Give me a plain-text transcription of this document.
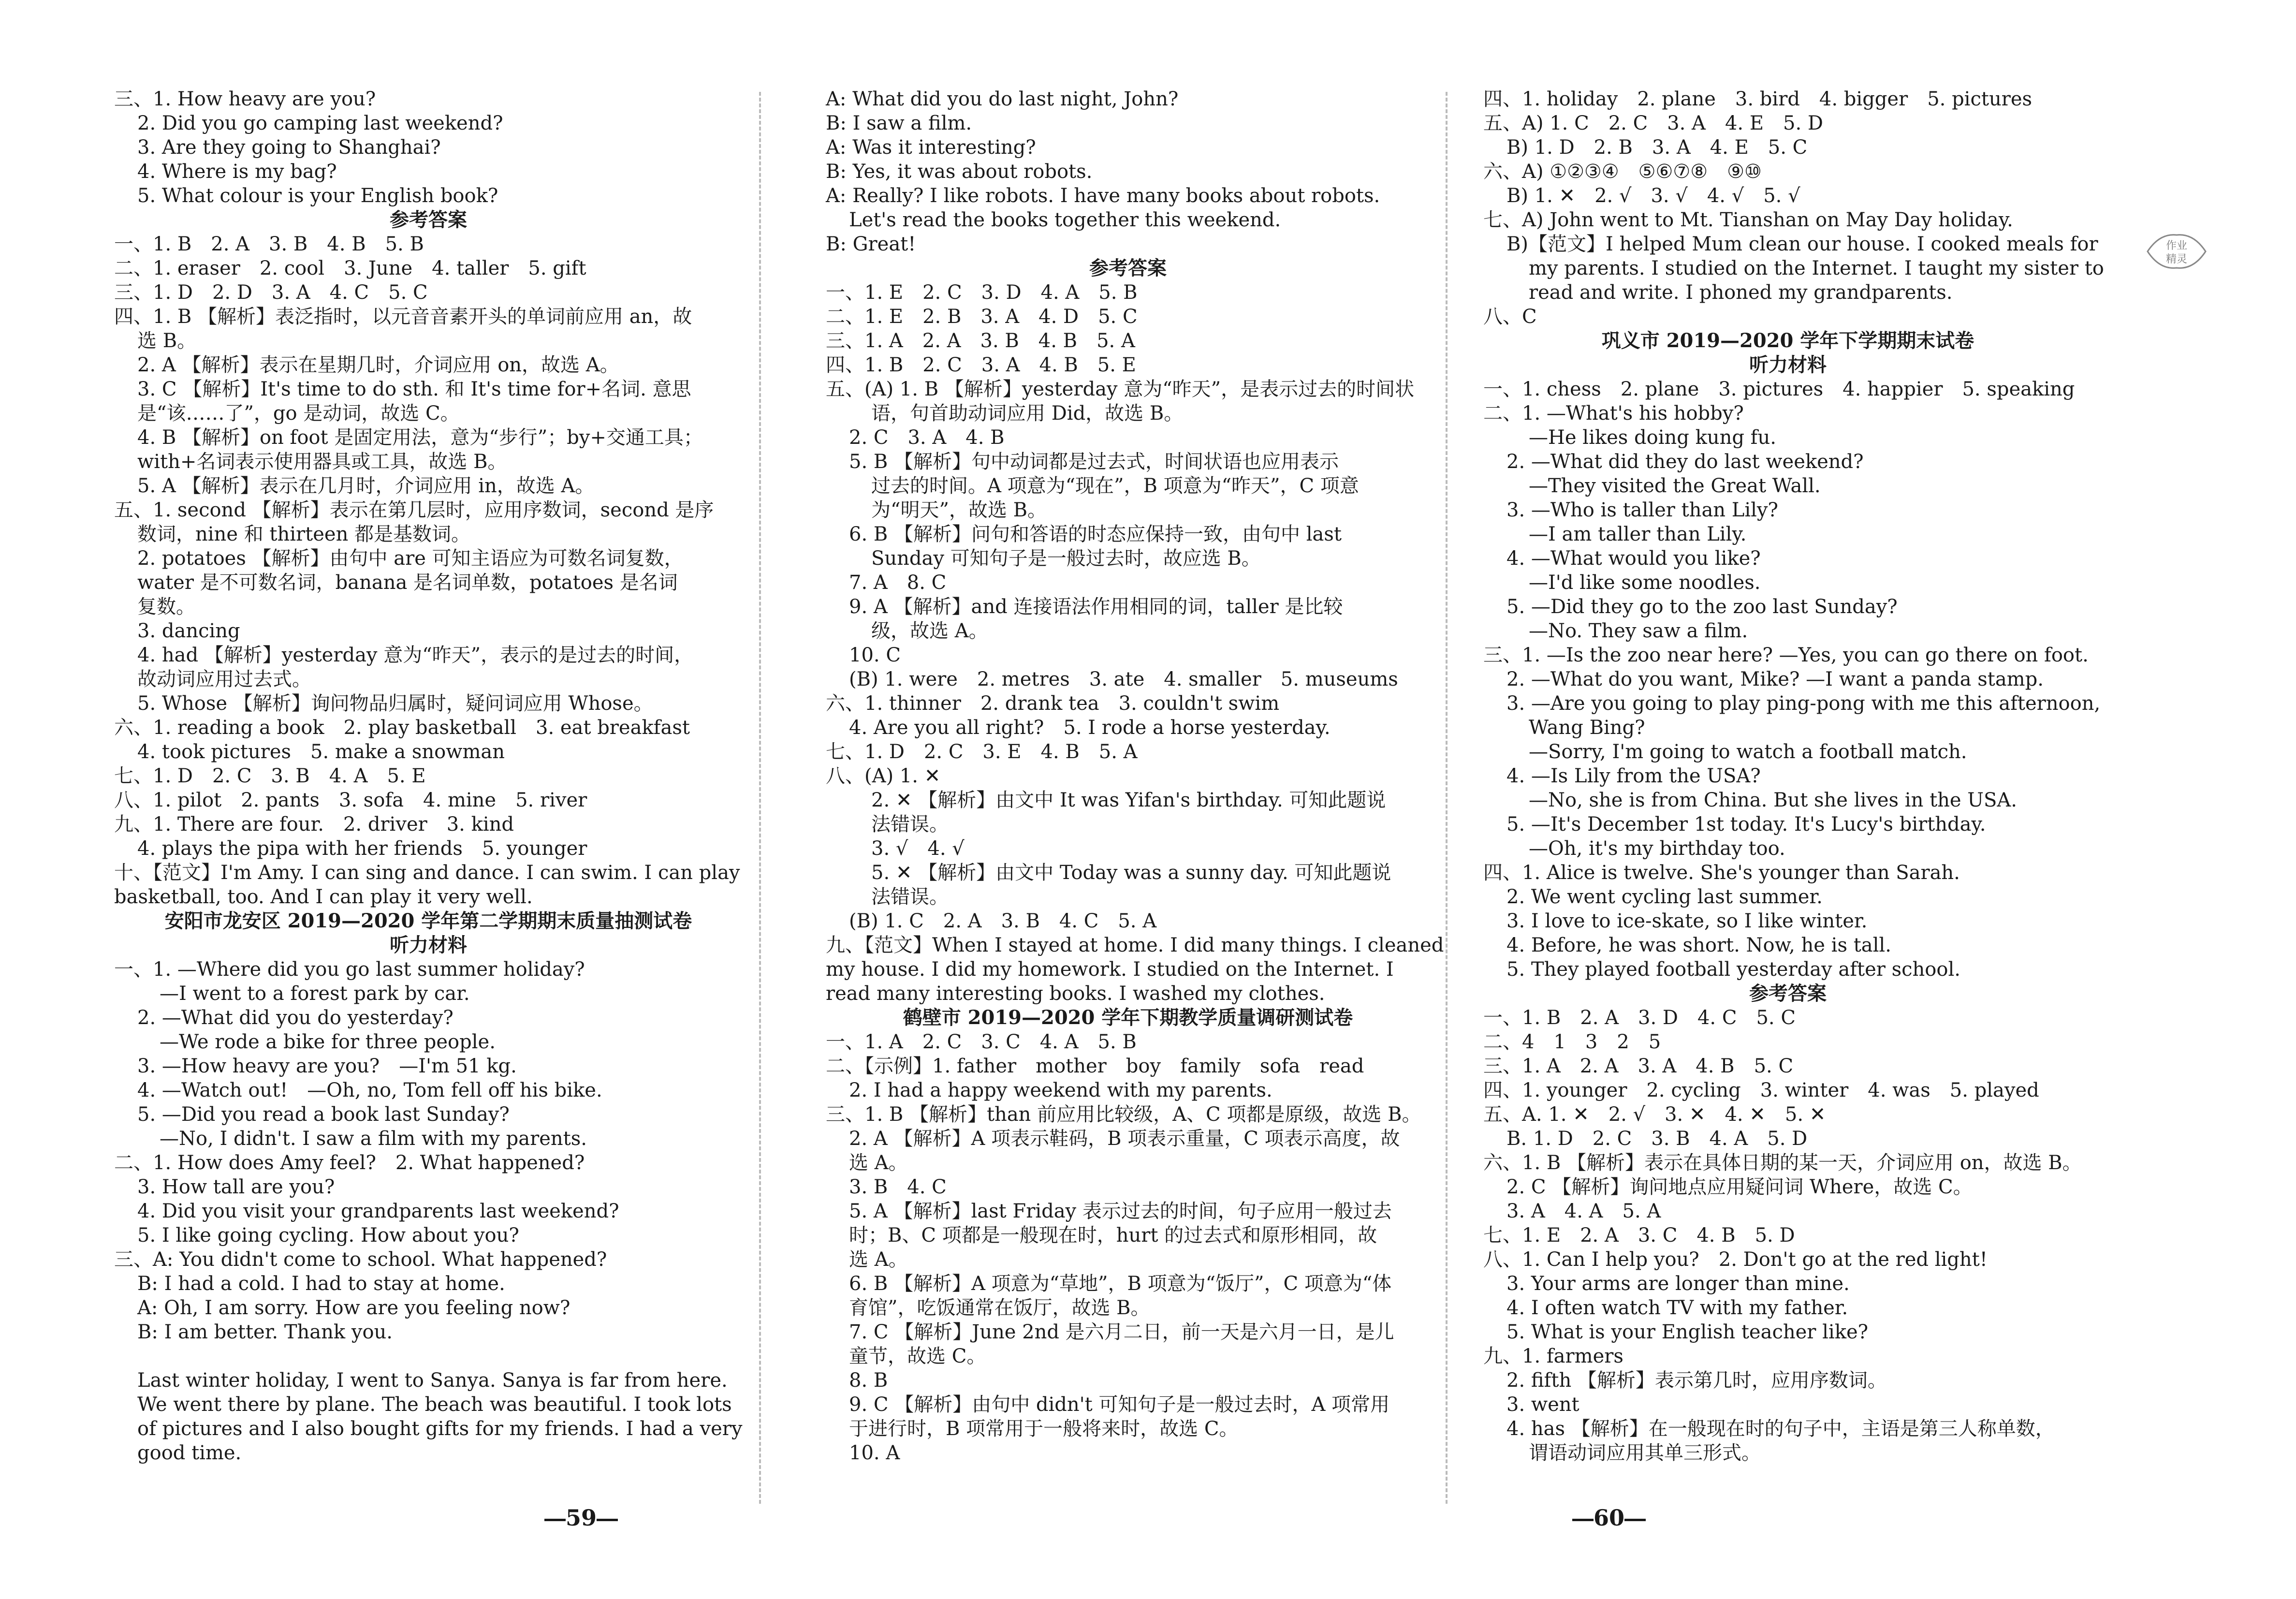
三、1. How heavy are you?
2. Did you go camping last weekend?
3. Are they going to Shanghai?
4. Where is my bag?
5. What colour is your English book?
参考答案
一、1. B　2. A　3. B　4. B　5. B
二、1. eraser　2. cool　3. June　4. taller　5. gift
三、1. D　2. D　3. A　4. C　5. C
四、1. B 【解析】表泛指时，以元音音素开头的单词前应用 an，故
选 B。
2. A 【解析】表示在星期几时，介词应用 on，故选 A。
3. C 【解析】It's time to do sth. 和 It's time for+名词. 意思
是“该……了”，go 是动词，故选 C。
4. B 【解析】on foot 是固定用法，意为“步行”；by+交通工具；
with+名词表示使用器具或工具，故选 B。
5. A 【解析】表示在几月时，介词应用 in，故选 A。
五、1. second 【解析】表示在第几层时，应用序数词，second 是序
数词，nine 和 thirteen 都是基数词。
2. potatoes 【解析】由句中 are 可知主语应为可数名词复数，
water 是不可数名词，banana 是名词单数，potatoes 是名词
复数。
3. dancing
4. had 【解析】yesterday 意为“昨天”，表示的是过去的时间，
故动词应用过去式。
5. Whose 【解析】询问物品归属时，疑问词应用 Whose。
六、1. reading a book　2. play basketball　3. eat breakfast
4. took pictures　5. make a snowman
七、1. D　2. C　3. B　4. A　5. E
八、1. pilot　2. pants　3. sofa　4. mine　5. river
九、1. There are four.　2. driver　3. kind
4. plays the pipa with her friends　5. younger
十、【范文】I'm Amy. I can sing and dance. I can swim. I can play
basketball, too. And I can play it very well.
安阳市龙安区 2019—2020 学年第二学期期末质量抽测试卷
听力材料
一、1. —Where did you go last summer holiday?
—I went to a forest park by car.
2. —What did you do yesterday?
—We rode a bike for three people.
3. —How heavy are you?　—I'm 51 kg.
4. —Watch out!　—Oh, no, Tom fell off his bike.
5. —Did you read a book last Sunday?
—No, I didn't. I saw a film with my parents.
二、1. How does Amy feel?　2. What happened?
3. How tall are you?
4. Did you visit your grandparents last weekend?
5. I like going cycling. How about you?
三、A: You didn't come to school. What happened?
B: I had a cold. I had to stay at home.
A: Oh, I am sorry. How are you feeling now?
B: I am better. Thank you.

Last winter holiday, I went to Sanya. Sanya is far from here.
We went there by plane. The beach was beautiful. I took lots
of pictures and I also bought gifts for my friends. I had a very
good time.
A: What did you do last night, John?
B: I saw a film.
A: Was it interesting?
B: Yes, it was about robots.
A: Really? I like robots. I have many books about robots.
Let's read the books together this weekend.
B: Great!
参考答案
一、1. E　2. C　3. D　4. A　5. B
二、1. E　2. B　3. A　4. D　5. C
三、1. A　2. A　3. B　4. B　5. A
四、1. B　2. C　3. A　4. B　5. E
五、(A) 1. B 【解析】yesterday 意为“昨天”，是表示过去的时间状
语，句首助动词应用 Did，故选 B。
2. C　3. A　4. B
5. B 【解析】句中动词都是过去式，时间状语也应用表示
过去的时间。A 项意为“现在”，B 项意为“昨天”，C 项意
为“明天”，故选 B。
6. B 【解析】问句和答语的时态应保持一致，由句中 last
Sunday 可知句子是一般过去时，故应选 B。
7. A　8. C
9. A 【解析】and 连接语法作用相同的词，taller 是比较
级，故选 A。
10. C
(B) 1. were　2. metres　3. ate　4. smaller　5. museums
六、1. thinner　2. drank tea　3. couldn't swim
4. Are you all right?　5. I rode a horse yesterday.
七、1. D　2. C　3. E　4. B　5. A
八、(A) 1. ✕
2. ✕ 【解析】由文中 It was Yifan's birthday. 可知此题说
法错误。
3. √　4. √
5. ✕ 【解析】由文中 Today was a sunny day. 可知此题说
法错误。
(B) 1. C　2. A　3. B　4. C　5. A
九、【范文】When I stayed at home. I did many things. I cleaned
my house. I did my homework. I studied on the Internet. I
read many interesting books. I washed my clothes.
鹤壁市 2019—2020 学年下期教学质量调研测试卷
一、1. A　2. C　3. C　4. A　5. B
二、【示例】1. father　mother　boy　family　sofa　read
2. I had a happy weekend with my parents.
三、1. B 【解析】than 前应用比较级，A、C 项都是原级，故选 B。
2. A 【解析】A 项表示鞋码，B 项表示重量，C 项表示高度，故
选 A。
3. B　4. C
5. A 【解析】last Friday 表示过去的时间，句子应用一般过去
时；B、C 项都是一般现在时，hurt 的过去式和原形相同，故
选 A。
6. B 【解析】A 项意为“草地”，B 项意为“饭厅”，C 项意为“体
育馆”，吃饭通常在饭厅，故选 B。
7. C 【解析】June 2nd 是六月二日，前一天是六月一日，是儿
童节，故选 C。
8. B
9. C 【解析】由句中 didn't 可知句子是一般过去时，A 项常用
于进行时，B 项常用于一般将来时，故选 C。
10. A
四、1. holiday　2. plane　3. bird　4. bigger　5. pictures
五、A) 1. C　2. C　3. A　4. E　5. D
B) 1. D　2. B　3. A　4. E　5. C
六、A) ①②③④　⑤⑥⑦⑧　⑨⑩
B) 1. ✕　2. √　3. √　4. √　5. √
七、A) John went to Mt. Tianshan on May Day holiday.
B)【范文】I helped Mum clean our house. I cooked meals for
my parents. I studied on the Internet. I taught my sister to
read and write. I phoned my grandparents.
八、C
巩义市 2019—2020 学年下学期期末试卷
听力材料
一、1. chess　2. plane　3. pictures　4. happier　5. speaking
二、1. —What's his hobby?
—He likes doing kung fu.
2. —What did they do last weekend?
—They visited the Great Wall.
3. —Who is taller than Lily?
—I am taller than Lily.
4. —What would you like?
—I'd like some noodles.
5. —Did they go to the zoo last Sunday?
—No. They saw a film.
三、1. —Is the zoo near here? —Yes, you can go there on foot.
2. —What do you want, Mike? —I want a panda stamp.
3. —Are you going to play ping-pong with me this afternoon,
Wang Bing?
—Sorry, I'm going to watch a football match.
4. —Is Lily from the USA?
—No, she is from China. But she lives in the USA.
5. —It's December 1st today. It's Lucy's birthday.
—Oh, it's my birthday too.
四、1. Alice is twelve. She's younger than Sarah.
2. We went cycling last summer.
3. I love to ice-skate, so I like winter.
4. Before, he was short. Now, he is tall.
5. They played football yesterday after school.
参考答案
一、1. B　2. A　3. D　4. C　5. C
二、4　1　3　2　5
三、1. A　2. A　3. A　4. B　5. C
四、1. younger　2. cycling　3. winter　4. was　5. played
五、A. 1. ✕　2. √　3. ✕　4. ✕　5. ✕
B. 1. D　2. C　3. B　4. A　5. D
六、1. B 【解析】表示在具体日期的某一天，介词应用 on，故选 B。
2. C 【解析】询问地点应用疑问词 Where，故选 C。
3. A　4. A　5. A
七、1. E　2. A　3. C　4. B　5. D
八、1. Can I help you?　2. Don't go at the red light!
3. Your arms are longer than mine.
4. I often watch TV with my father.
5. What is your English teacher like?
九、1. farmers
2. fifth 【解析】表示第几时，应用序数词。
3. went
4. has 【解析】在一般现在时的句子中，主语是第三人称单数，
谓语动词应用其单三形式。
59	60
作业
精灵
